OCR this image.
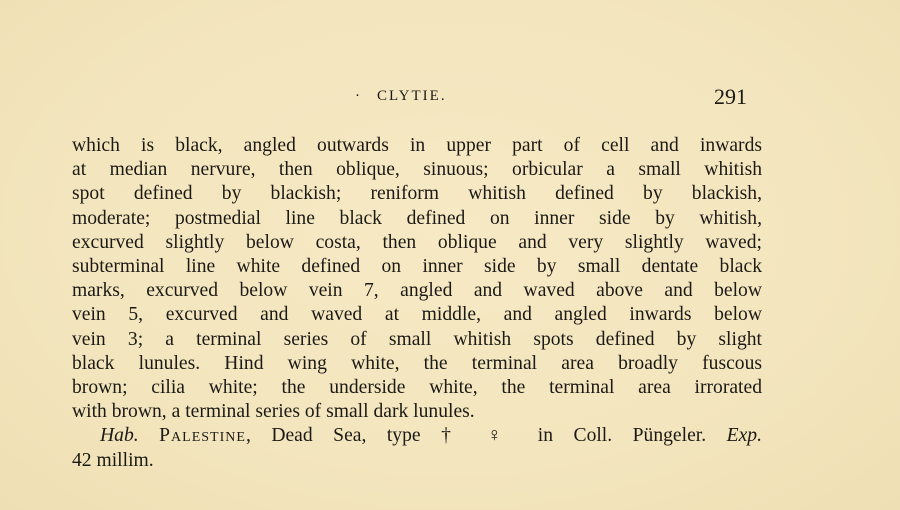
· CLYTIE.	291
which is black, angled outwards in upper part of cell and inwards
at median nervure, then oblique, sinuous; orbicular a small whitish
spot defined by blackish; reniform whitish defined by blackish,
moderate; postmedial line black defined on inner side by whitish,
excurved slightly below costa, then oblique and very slightly waved;
subterminal line white defined on inner side by small dentate black
marks, excurved below vein 7, angled and waved above and below
vein 5, excurved and waved at middle, and angled inwards below
vein 3; a terminal series of small whitish spots defined by slight
black lunules. Hind wing white, the terminal area broadly fuscous
brown; cilia white; the underside white, the terminal area irrorated
with brown, a terminal series of small dark lunules.
Hab. Palestine, Dead Sea, type † ♀ in Coll. Püngeler. Exp.
42 millim.
